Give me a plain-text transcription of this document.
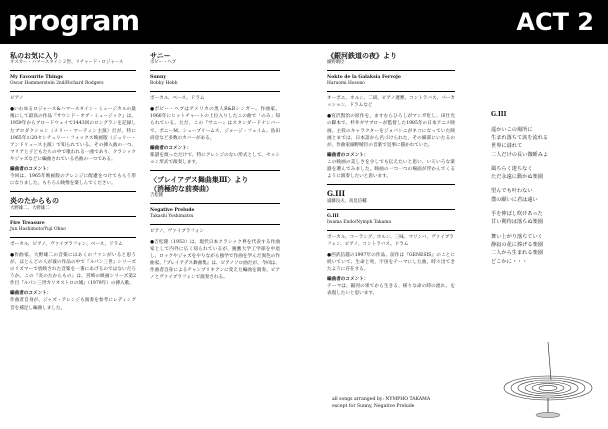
program	ACT 2

私のお気に入り

オスカー・ハマースタイン２世、リチャード・ロジャース

My Favourite Things

Oscar Hammerstein 2nd/Richard Rodgers

ピアノ

●いわゆるロジャース&ハマースタイン・ミュージカルの最後にして最高の作品『サウンド・オブ・ミュージック』は、1959年からブロードウェイで1443回のロングランを記録したブロダクション（メリー・マーティン主演）だが、特に1965年の20センチュリー・フォックス映画版（ジュリー・アンドリュース主演）で知られている。その挿入曲の一つ、マリアと子どもたちの中で歌われる一曲であり、クラシックやジャズなどに編曲されている名曲の一つである。

編曲者のコメント：

今回は、1965年映画版のアレンジに配慮をつけてもらう形になりました。もちろん映像を楽しんでください。

炎のたからもの

大野雄二、大野雄二

Fire Treasure

Jun Hashimoto/Yuji Ohno

ボーカル、ピアノ、ヴァイブラフォン、ベース、ドラム

●作曲家、大野雄二の音楽にはあくのファンがいると思うが、ほとんどの人が彼の作品の中で『ルパン三世』シリーズのリズマーで放映された音楽を一番にあげるのではないだろうか。この『炎のたからもの』は、宮崎の映画シリーズ第2作目『ルパン三世カリオストロの城』（1979年）の挿入歌。

編曲者のコメント：

作曲者自身が、ジャズ・アレンジも演奏を参考にレディング音を補足し編曲しました。

サニー

ボビー・ヘブ

Sunny

Bobby Hebb

ボーカル、ベース、ドラム

●ボビー・ヘブはアメリカの黒人R&Bシンガー。作曲家。1966年にヒットチャートの上位入りしたこの曲で「のみ」知られている。ただ、この『サニー』はスタンダードナンバーで、ボニーM、シュープリームス、ジョージ・フェイム、島田尚登など多数のカバーがある。

編曲者のコメント：

楽譜を渡っただけで、特にアレンジのない形式として、セッション形式で演奏します。

〈プレイアデス舞曲集Ⅲ〉より

（消極的な前奏曲）

吉松隆

Negative Prelude

Takashi Yoshimatsu

ピアノ、ヴァイブラフォン

●吉松隆（1953）は、現代日本クラシック界を代表する作曲家として内外に広く知られているが、慶應大学工学部を中退し、ロックやジャズをやりながら独学で作曲を学んだ異色の作曲家。『プレイアデス舞曲集』は、ピアノソロ曲だが、今回は、作曲者自身によるチャンプリキアンに変えた編曲を演奏。ピアノとヴァイブラフォンで演奏される。

《銀河鉄道の夜》より

細野晴臣

Nokto de la Galaksia Fervojo

Haruomi Hosono

オーボエ、ホルン、二胡、ピアノ連弾、コントラバス、パーカッション、ドラムなど

●宮沢賢治の原作を、ますむらひろしがマンガ化し、田仕光の脚本で、杉井ギサブローが監督した1985年の日本アニメ映画。主役のキャラクターをジョバンニがネコになっていた映画とまでは、日本語から名づけられた、その細部にいたるのが、作曲家細野晴臣の音楽で見事に描かれていた。

編曲者のコメント：

この映画の美しさを少しでも伝えたいと思い、いろいろな楽器を選んでみました。映画の一つ一つの場面が浮かんでくるように演奏したいと思います。

G.III

遠藤良夫、高見信輔

G.III

Iwama Endo/Nymph Takama

ボーカル、コーラング、ホルン、三味、マリンバ、ヴァイブラフォン、ピアノ、コントラバス、ドラム

●西武信越の1997年の作品。前作は『GENESIS』のことに続いていて、生命と死、宇宙をテーマにした曲。時々出てきたように存在する。

編曲者のコメント：

テーマは、銀河の果てから生きる、様々な命の時の流れ、を表現したいと思います。

G.III

遥かいこの場所に
生まれ落ちて涙を流れる
世界に溢れて
二人だけの長い微睡みよ

風ちらく迷ちなく
ただ永遠に動かぬ楽園

望んでも叶わない
僕の願いに君は遠い

手を伸ばし吹けあった
甘い期待は落ちぬ楽園

舞い上がり落ちていく
静寂の花に捧げる楽園
二人から生まれる楽園
どこかに・・・

all songs arranged by: NYMPHO TAKAMA
except for Sunny, Negative Prelude
